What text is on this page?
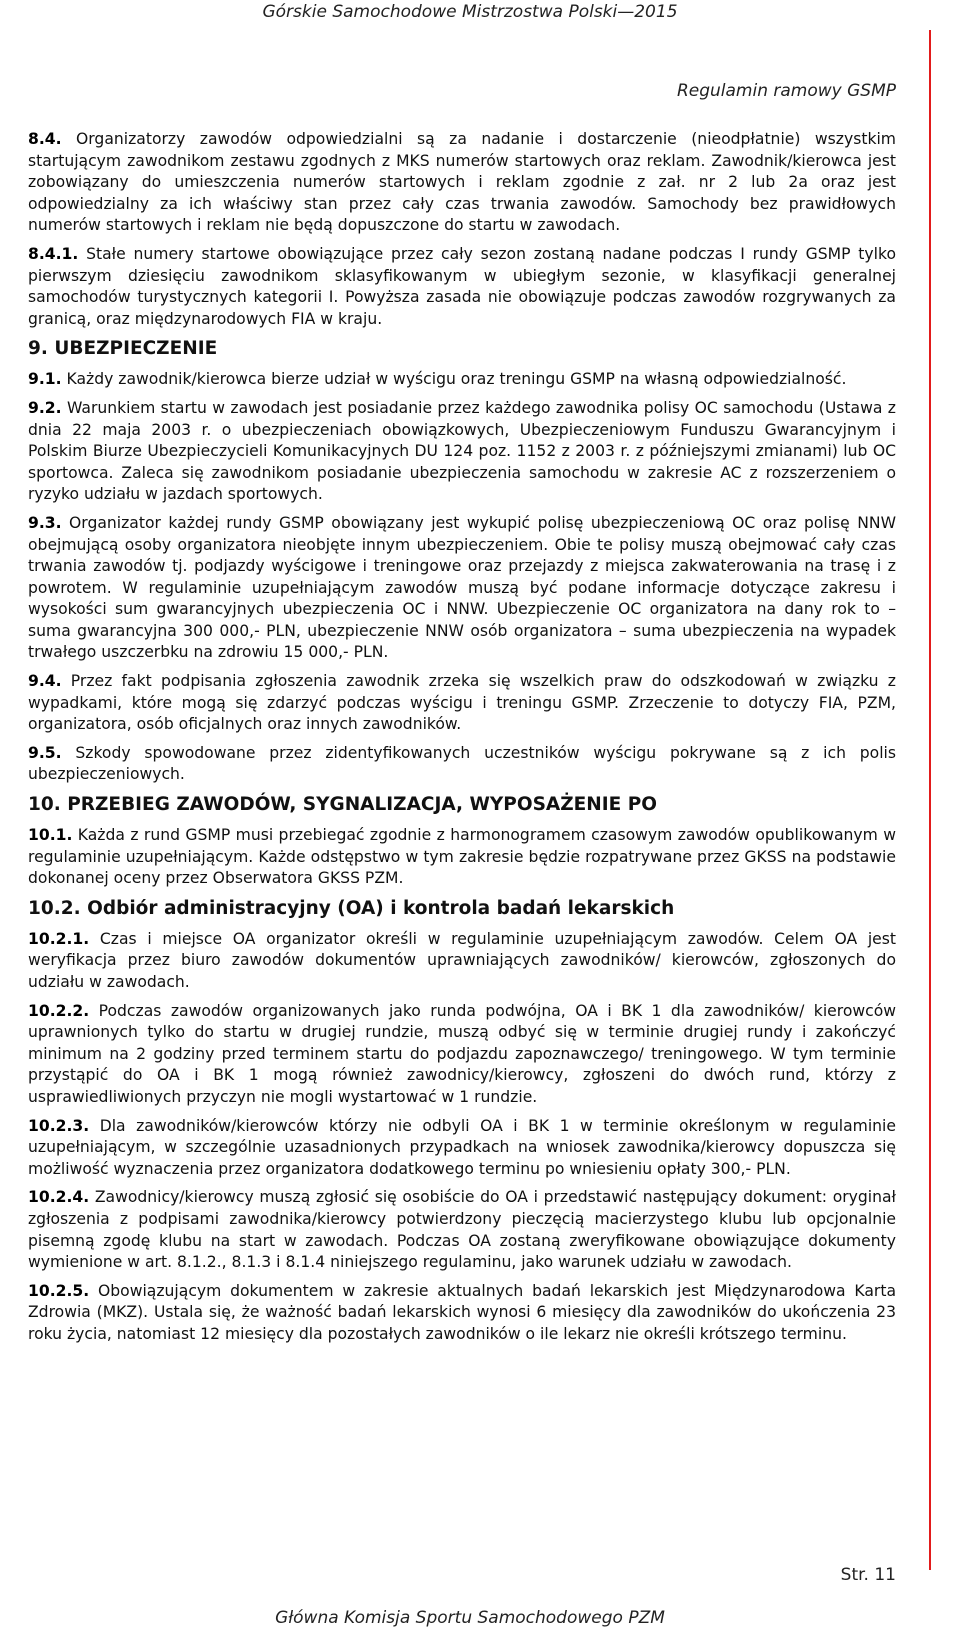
Górskie Samochodowe Mistrzostwa Polski—2015
Regulamin ramowy GSMP
8.4. Organizatorzy zawodów odpowiedzialni są za nadanie i dostarczenie (nieodpłatnie) wszystkim startującym zawodnikom zestawu zgodnych z MKS numerów startowych oraz reklam. Zawodnik/kierowca jest zobowiązany do umieszczenia numerów startowych i reklam zgodnie z zał. nr 2 lub 2a oraz jest odpowiedzialny za ich właściwy stan przez cały czas trwania zawodów. Samochody bez prawidłowych numerów startowych i reklam nie będą dopuszczone do startu w zawodach.
8.4.1. Stałe numery startowe obowiązujące przez cały sezon zostaną nadane podczas I rundy GSMP tylko pierwszym dziesięciu zawodnikom sklasyfikowanym w ubiegłym sezonie, w klasyfikacji generalnej samochodów turystycznych kategorii I. Powyższa zasada nie obowiązuje podczas zawodów rozgrywanych za granicą, oraz międzynarodowych FIA w kraju.
9. UBEZPIECZENIE
9.1. Każdy zawodnik/kierowca bierze udział w wyścigu oraz treningu GSMP na własną odpowiedzialność.
9.2. Warunkiem startu w zawodach jest posiadanie przez każdego zawodnika polisy OC samochodu (Ustawa z dnia 22 maja 2003 r. o ubezpieczeniach obowiązkowych, Ubezpieczeniowym Funduszu Gwarancyjnym i Polskim Biurze Ubezpieczycieli Komunikacyjnych DU 124 poz. 1152 z 2003 r. z późniejszymi zmianami) lub OC sportowca. Zaleca się zawodnikom posiadanie ubezpieczenia samochodu w zakresie AC z rozszerzeniem o ryzyko udziału w jazdach sportowych.
9.3. Organizator każdej rundy GSMP obowiązany jest wykupić polisę ubezpieczeniową OC oraz polisę NNW obejmującą osoby organizatora nieobjęte innym ubezpieczeniem. Obie te polisy muszą obejmować cały czas trwania zawodów tj. podjazdy wyścigowe i treningowe oraz przejazdy z miejsca zakwaterowania na trasę i z powrotem. W regulaminie uzupełniającym zawodów muszą być podane informacje dotyczące zakresu i wysokości sum gwarancyjnych ubezpieczenia OC i NNW. Ubezpieczenie OC organizatora na dany rok to – suma gwarancyjna 300 000,- PLN, ubezpieczenie NNW osób organizatora – suma ubezpieczenia na wypadek trwałego uszczerbku na zdrowiu 15 000,- PLN.
9.4. Przez fakt podpisania zgłoszenia zawodnik zrzeka się wszelkich praw do odszkodowań w związku z wypadkami, które mogą się zdarzyć podczas wyścigu i treningu GSMP. Zrzeczenie to dotyczy FIA, PZM, organizatora, osób oficjalnych oraz innych zawodników.
9.5. Szkody spowodowane przez zidentyfikowanych uczestników wyścigu pokrywane są z ich polis ubezpieczeniowych.
10. PRZEBIEG ZAWODÓW, SYGNALIZACJA, WYPOSAŻENIE PO
10.1. Każda z rund GSMP musi przebiegać zgodnie z harmonogramem czasowym zawodów opublikowanym w regulaminie uzupełniającym. Każde odstępstwo w tym zakresie będzie rozpatrywane przez GKSS na podstawie dokonanej oceny przez Obserwatora GKSS PZM.
10.2. Odbiór administracyjny (OA) i kontrola badań lekarskich
10.2.1. Czas i miejsce OA organizator określi w regulaminie uzupełniającym zawodów. Celem OA jest weryfikacja przez biuro zawodów dokumentów uprawniających zawodników/ kierowców, zgłoszonych do udziału w zawodach.
10.2.2. Podczas zawodów organizowanych jako runda podwójna, OA i BK 1 dla zawodników/ kierowców uprawnionych tylko do startu w drugiej rundzie, muszą odbyć się w terminie drugiej rundy i zakończyć minimum na 2 godziny przed terminem startu do podjazdu zapoznawczego/ treningowego. W tym terminie przystąpić do OA i BK 1 mogą również zawodnicy/kierowcy, zgłoszeni do dwóch rund, którzy z usprawiedliwionych przyczyn nie mogli wystartować w 1 rundzie.
10.2.3. Dla zawodników/kierowców którzy nie odbyli OA i BK 1 w terminie określonym w regulaminie uzupełniającym, w szczególnie uzasadnionych przypadkach na wniosek zawodnika/kierowcy dopuszcza się możliwość wyznaczenia przez organizatora dodatkowego terminu po wniesieniu opłaty 300,- PLN.
10.2.4. Zawodnicy/kierowcy muszą zgłosić się osobiście do OA i przedstawić następujący dokument: oryginał zgłoszenia z podpisami zawodnika/kierowcy potwierdzony pieczęcią macierzystego klubu lub opcjonalnie pisemną zgodę klubu na start w zawodach. Podczas OA zostaną zweryfikowane obowiązujące dokumenty wymienione w art. 8.1.2., 8.1.3 i 8.1.4 niniejszego regulaminu, jako warunek udziału w zawodach.
10.2.5. Obowiązującym dokumentem w zakresie aktualnych badań lekarskich jest Międzynarodowa Karta Zdrowia (MKZ). Ustala się, że ważność badań lekarskich wynosi 6 miesięcy dla zawodników do ukończenia 23 roku życia, natomiast 12 miesięcy dla pozostałych zawodników o ile lekarz nie określi krótszego terminu.
Str. 11
Główna Komisja Sportu Samochodowego PZM
